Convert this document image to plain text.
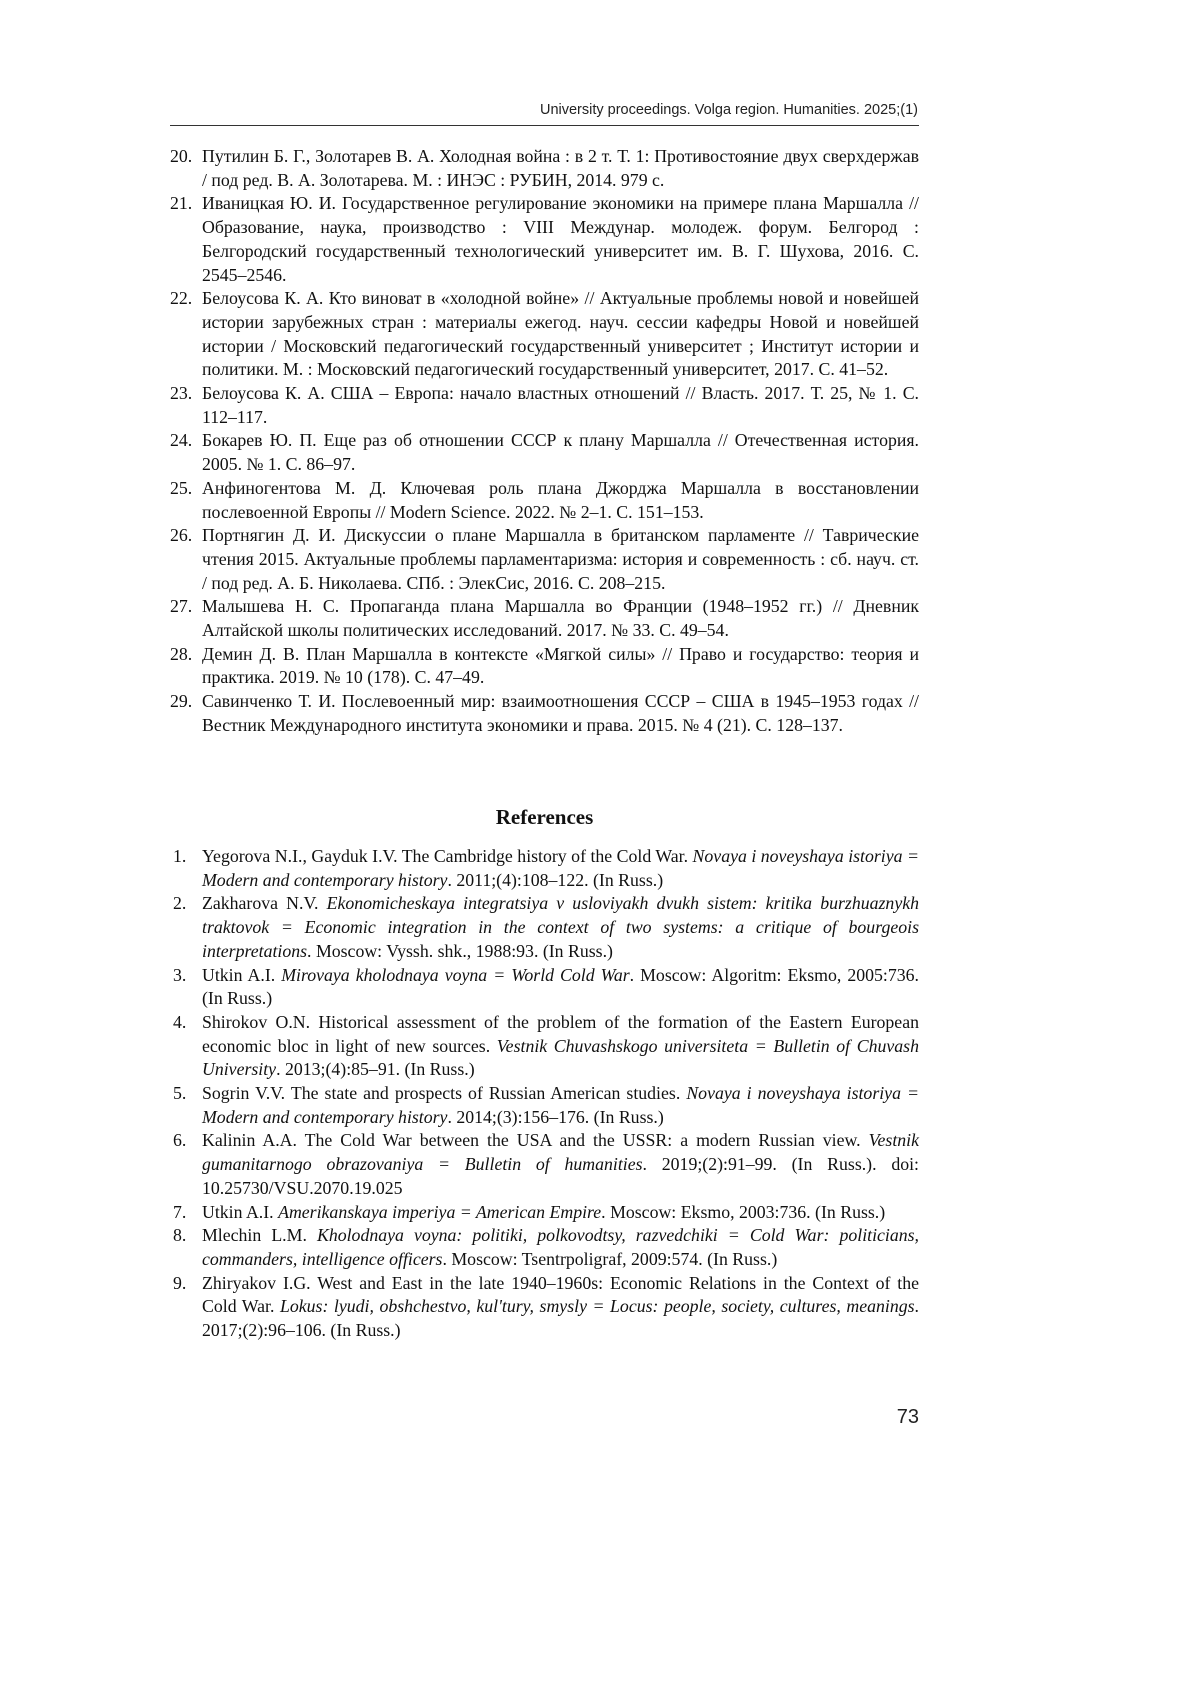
University proceedings. Volga region. Humanities. 2025;(1)

20. Путилин Б. Г., Золотарев В. А. Холодная война : в 2 т. Т. 1: Противостояние двух сверхдержав / под ред. В. А. Золотарева. М. : ИНЭС : РУБИН, 2014. 979 с.

21. Иваницкая Ю. И. Государственное регулирование экономики на примере плана Маршалла // Образование, наука, производство : VIII Междунар. молодеж. форум. Белгород : Белгородский государственный технологический университет им. В. Г. Шухова, 2016. С. 2545–2546.

22. Белоусова К. А. Кто виноват в «холодной войне» // Актуальные проблемы новой и новейшей истории зарубежных стран : материалы ежегод. науч. сессии кафедры Новой и новейшей истории / Московский педагогический государственный университет ; Институт истории и политики. М. : Московский педагогический государственный университет, 2017. С. 41–52.

23. Белоусова К. А. США – Европа: начало властных отношений // Власть. 2017. Т. 25, № 1. С. 112–117.

24. Бокарев Ю. П. Еще раз об отношении СССР к плану Маршалла // Отечественная история. 2005. № 1. С. 86–97.

25. Анфиногентова М. Д. Ключевая роль плана Джорджа Маршалла в восстановлении послевоенной Европы // Modern Science. 2022. № 2–1. С. 151–153.

26. Портнягин Д. И. Дискуссии о плане Маршалла в британском парламенте // Таврические чтения 2015. Актуальные проблемы парламентаризма: история и современность : сб. науч. ст. / под ред. А. Б. Николаева. СПб. : ЭлекСис, 2016. С. 208–215.

27. Малышева Н. С. Пропаганда плана Маршалла во Франции (1948–1952 гг.) // Дневник Алтайской школы политических исследований. 2017. № 33. С. 49–54.

28. Демин Д. В. План Маршалла в контексте «Мягкой силы» // Право и государство: теория и практика. 2019. № 10 (178). С. 47–49.

29. Савинченко Т. И. Послевоенный мир: взаимоотношения СССР – США в 1945–1953 годах // Вестник Международного института экономики и права. 2015. № 4 (21). С. 128–137.

References

1. Yegorova N.I., Gayduk I.V. The Cambridge history of the Cold War. Novaya i noveyshaya istoriya = Modern and contemporary history. 2011;(4):108–122. (In Russ.)

2. Zakharova N.V. Ekonomicheskaya integratsiya v usloviyakh dvukh sistem: kritika burzhuaznykh traktovok = Economic integration in the context of two systems: a critique of bourgeois interpretations. Moscow: Vyssh. shk., 1988:93. (In Russ.)

3. Utkin A.I. Mirovaya kholodnaya voyna = World Cold War. Moscow: Algoritm: Eksmo, 2005:736. (In Russ.)

4. Shirokov O.N. Historical assessment of the problem of the formation of the Eastern European economic bloc in light of new sources. Vestnik Chuvashskogo universiteta = Bulletin of Chuvash University. 2013;(4):85–91. (In Russ.)

5. Sogrin V.V. The state and prospects of Russian American studies. Novaya i noveyshaya istoriya = Modern and contemporary history. 2014;(3):156–176. (In Russ.)

6. Kalinin A.A. The Cold War between the USA and the USSR: a modern Russian view. Vestnik gumanitarnogo obrazovaniya = Bulletin of humanities. 2019;(2):91–99. (In Russ.). doi: 10.25730/VSU.2070.19.025

7. Utkin A.I. Amerikanskaya imperiya = American Empire. Moscow: Eksmo, 2003:736. (In Russ.)

8. Mlechin L.M. Kholodnaya voyna: politiki, polkovodtsy, razvedchiki = Cold War: politicians, commanders, intelligence officers. Moscow: Tsentrpoligraf, 2009:574. (In Russ.)

9. Zhiryakov I.G. West and East in the late 1940–1960s: Economic Relations in the Context of the Cold War. Lokus: lyudi, obshchestvo, kul'tury, smysly = Locus: people, society, cultures, meanings. 2017;(2):96–106. (In Russ.)

73
